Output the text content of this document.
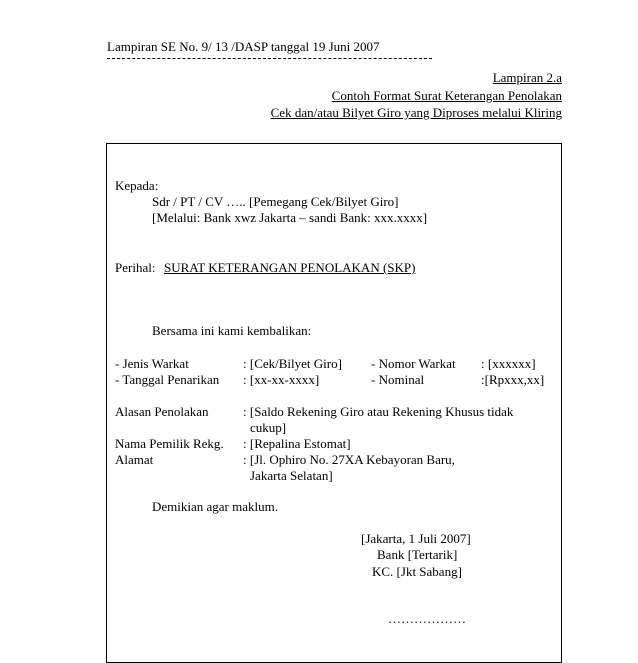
Lampiran SE No. 9/ 13 /DASP tanggal 19 Juni 2007
Lampiran 2.a
Contoh Format Surat Keterangan Penolakan
Cek dan/atau Bilyet Giro yang Diproses melalui Kliring
Kepada:
Sdr / PT / CV ….. [Pemegang Cek/Bilyet Giro]
[Melalui: Bank xwz Jakarta – sandi Bank: xxx.xxxx]
Perihal: SURAT KETERANGAN PENOLAKAN (SKP)
Bersama ini kami kembalikan:
- Jenis Warkat	: [Cek/Bilyet Giro] - Nomor Warkat : [xxxxxx]
- Tanggal Penarikan : [xx-xx-xxxx]	- Nominal	:[Rpxxx,xx]
Alasan Penolakan	: [Saldo Rekening Giro atau Rekening Khusus tidak
cukup]
Nama Pemilik Rekg. : [Repalina Estomat]
Alamat	: [Jl. Ophiro No. 27XA Kebayoran Baru,
Jakarta Selatan]
Demikian agar maklum.
[Jakarta, 1 Juli 2007]
Bank [Tertarik]
KC. [Jkt Sabang]
………………
